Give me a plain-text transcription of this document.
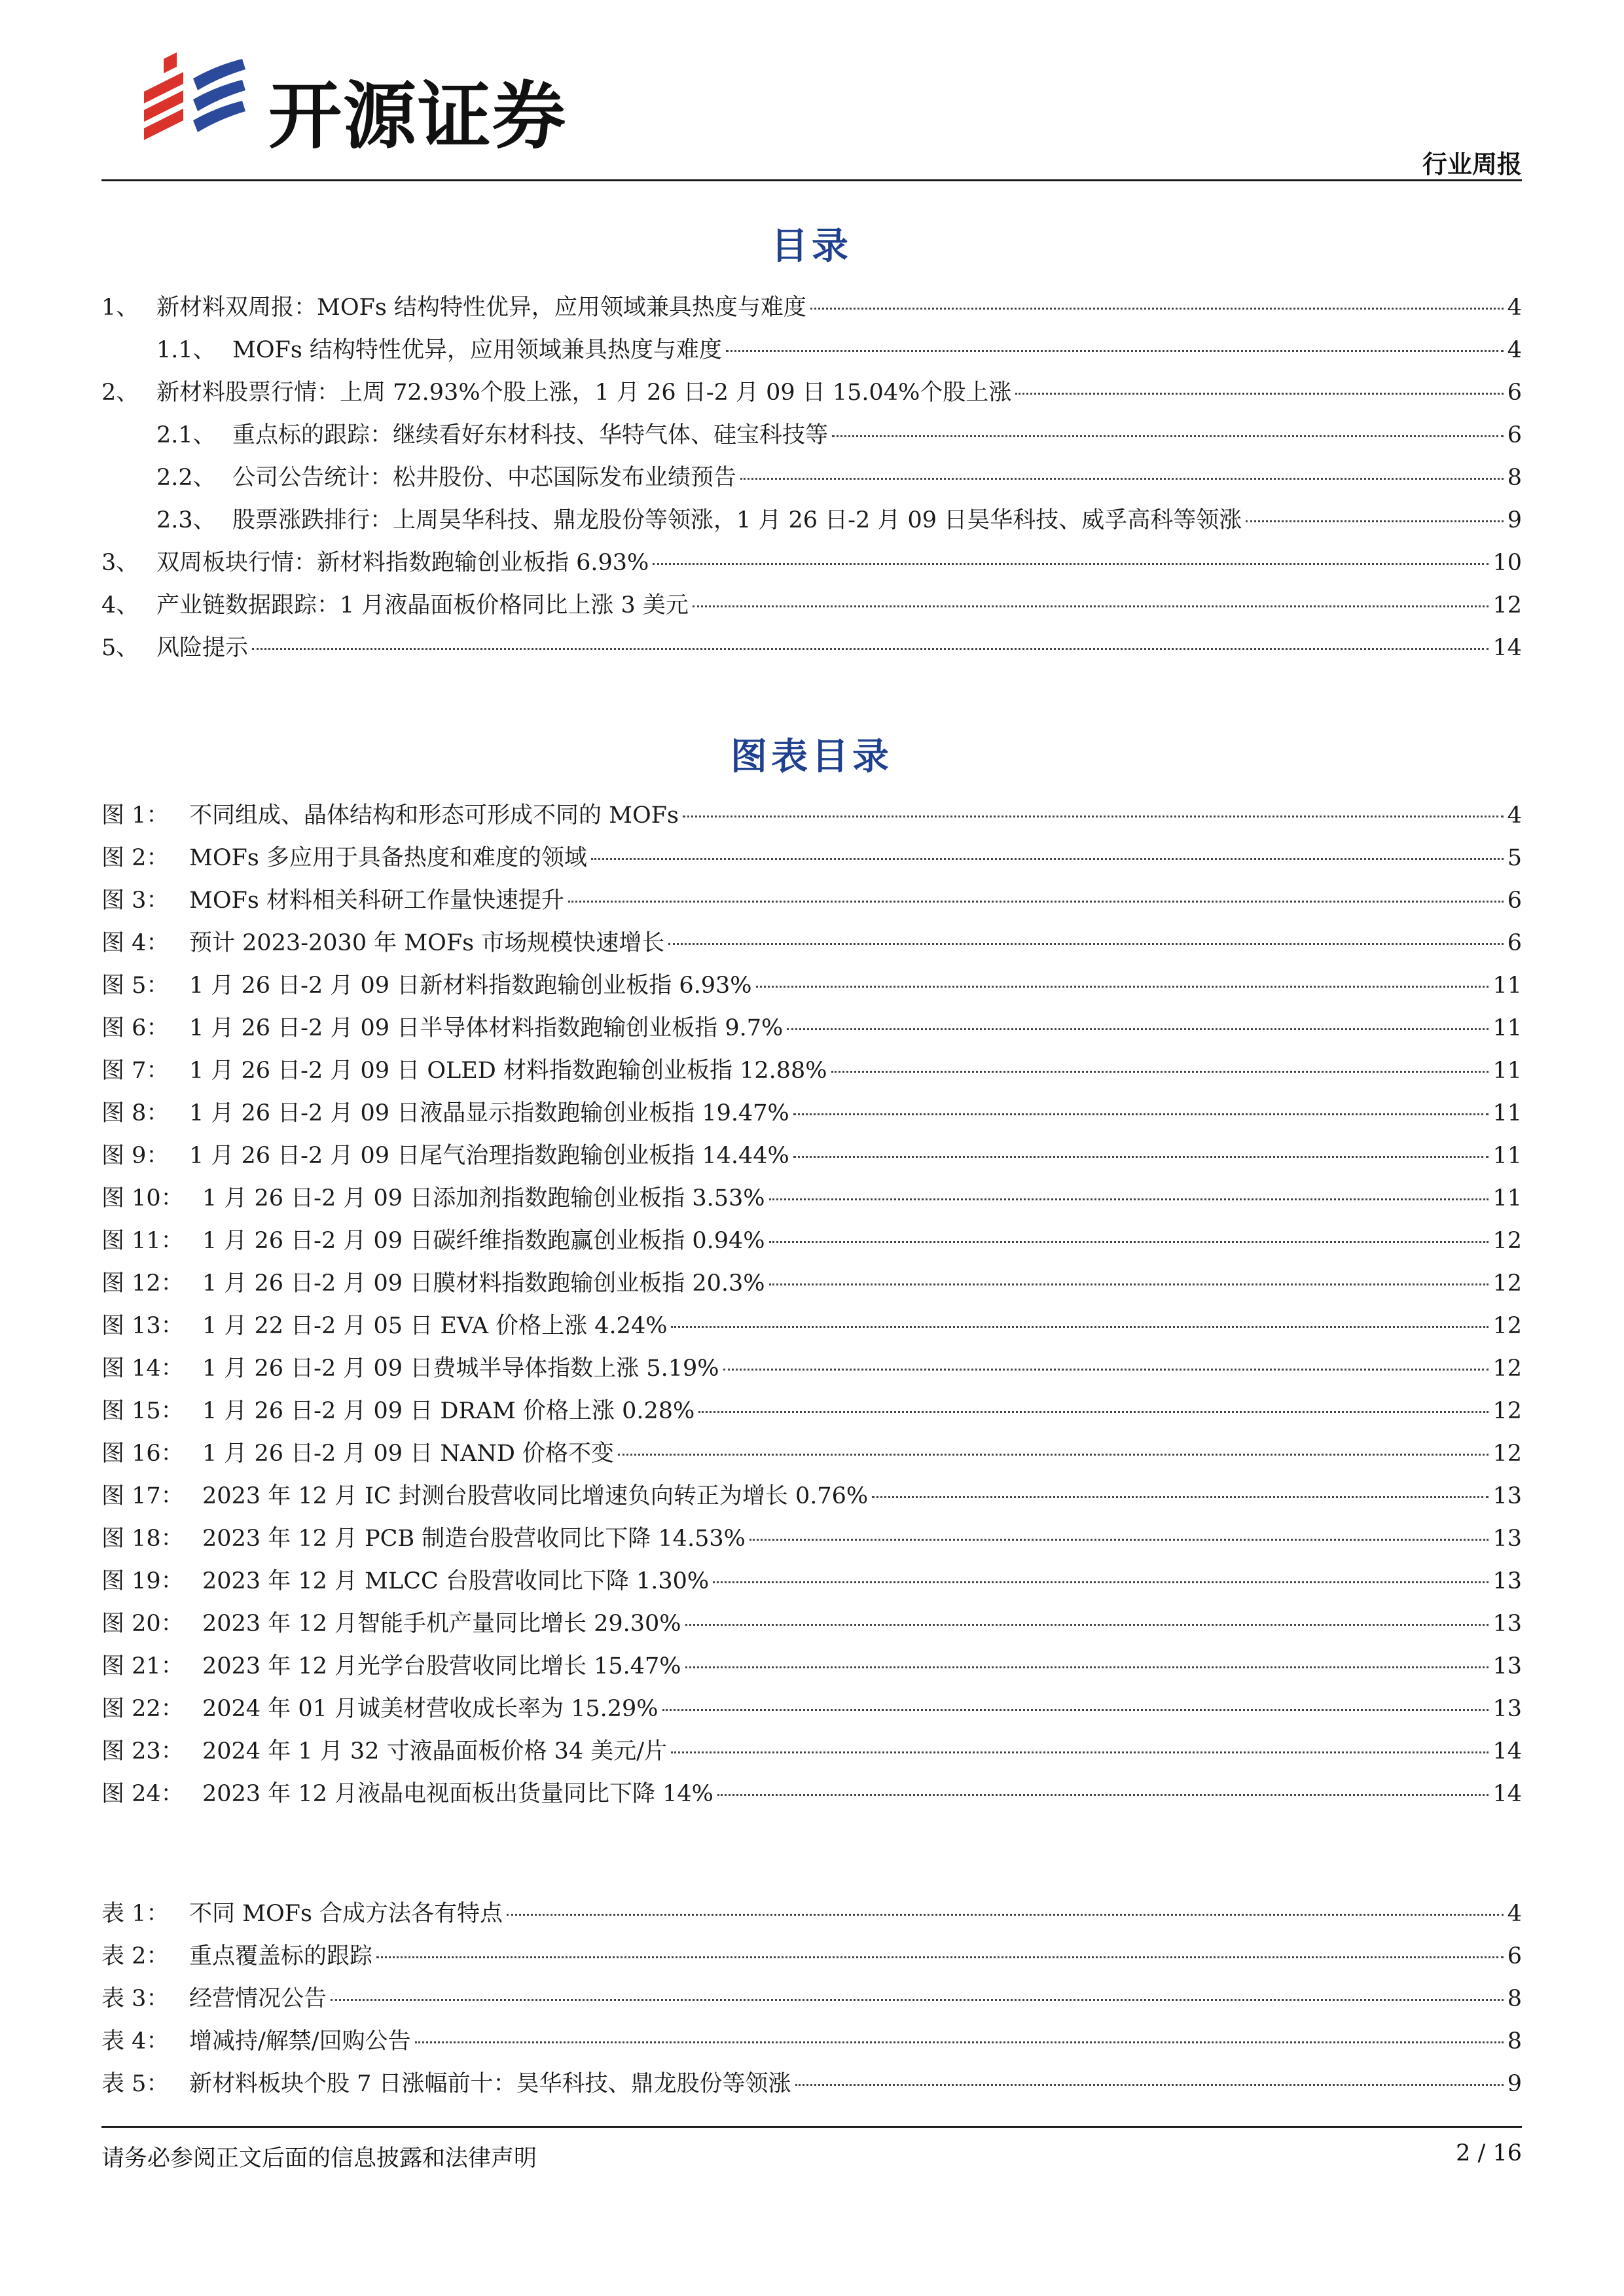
开源证券
行业周报
目录
1、 新材料双周报：MOFs 结构特性优异，应用领域兼具热度与难度	4
1.1、 MOFs 结构特性优异，应用领域兼具热度与难度	4
2、 新材料股票行情：上周 72.93%个股上涨，1 月 26 日-2 月 09 日 15.04%个股上涨	6
2.1、 重点标的跟踪：继续看好东材科技、华特气体、硅宝科技等	6
2.2、 公司公告统计：松井股份、中芯国际发布业绩预告	8
2.3、 股票涨跌排行：上周昊华科技、鼎龙股份等领涨，1 月 26 日-2 月 09 日昊华科技、威孚高科等领涨	9
3、 双周板块行情：新材料指数跑输创业板指 6.93%	10
4、 产业链数据跟踪：1 月液晶面板价格同比上涨 3 美元	12
5、 风险提示	14
图表目录
图 1： 不同组成、晶体结构和形态可形成不同的 MOFs	4
图 2： MOFs 多应用于具备热度和难度的领域	5
图 3： MOFs 材料相关科研工作量快速提升	6
图 4： 预计 2023-2030 年 MOFs 市场规模快速增长	6
图 5： 1 月 26 日-2 月 09 日新材料指数跑输创业板指 6.93%	11
图 6： 1 月 26 日-2 月 09 日半导体材料指数跑输创业板指 9.7%	11
图 7： 1 月 26 日-2 月 09 日 OLED 材料指数跑输创业板指 12.88%	11
图 8： 1 月 26 日-2 月 09 日液晶显示指数跑输创业板指 19.47%	11
图 9： 1 月 26 日-2 月 09 日尾气治理指数跑输创业板指 14.44%	11
图 10： 1 月 26 日-2 月 09 日添加剂指数跑输创业板指 3.53%	11
图 11： 1 月 26 日-2 月 09 日碳纤维指数跑赢创业板指 0.94%	12
图 12： 1 月 26 日-2 月 09 日膜材料指数跑输创业板指 20.3%	12
图 13： 1 月 22 日-2 月 05 日 EVA 价格上涨 4.24%	12
图 14： 1 月 26 日-2 月 09 日费城半导体指数上涨 5.19%	12
图 15： 1 月 26 日-2 月 09 日 DRAM 价格上涨 0.28%	12
图 16： 1 月 26 日-2 月 09 日 NAND 价格不变	12
图 17： 2023 年 12 月 IC 封测台股营收同比增速负向转正为增长 0.76%	13
图 18： 2023 年 12 月 PCB 制造台股营收同比下降 14.53%	13
图 19： 2023 年 12 月 MLCC 台股营收同比下降 1.30%	13
图 20： 2023 年 12 月智能手机产量同比增长 29.30%	13
图 21： 2023 年 12 月光学台股营收同比增长 15.47%	13
图 22： 2024 年 01 月诚美材营收成长率为 15.29%	13
图 23： 2024 年 1 月 32 寸液晶面板价格 34 美元/片	14
图 24： 2023 年 12 月液晶电视面板出货量同比下降 14%	14
表 1： 不同 MOFs 合成方法各有特点	4
表 2： 重点覆盖标的跟踪	6
表 3： 经营情况公告	8
表 4： 增减持/解禁/回购公告	8
表 5： 新材料板块个股 7 日涨幅前十：昊华科技、鼎龙股份等领涨	9
请务必参阅正文后面的信息披露和法律声明	2 / 16
